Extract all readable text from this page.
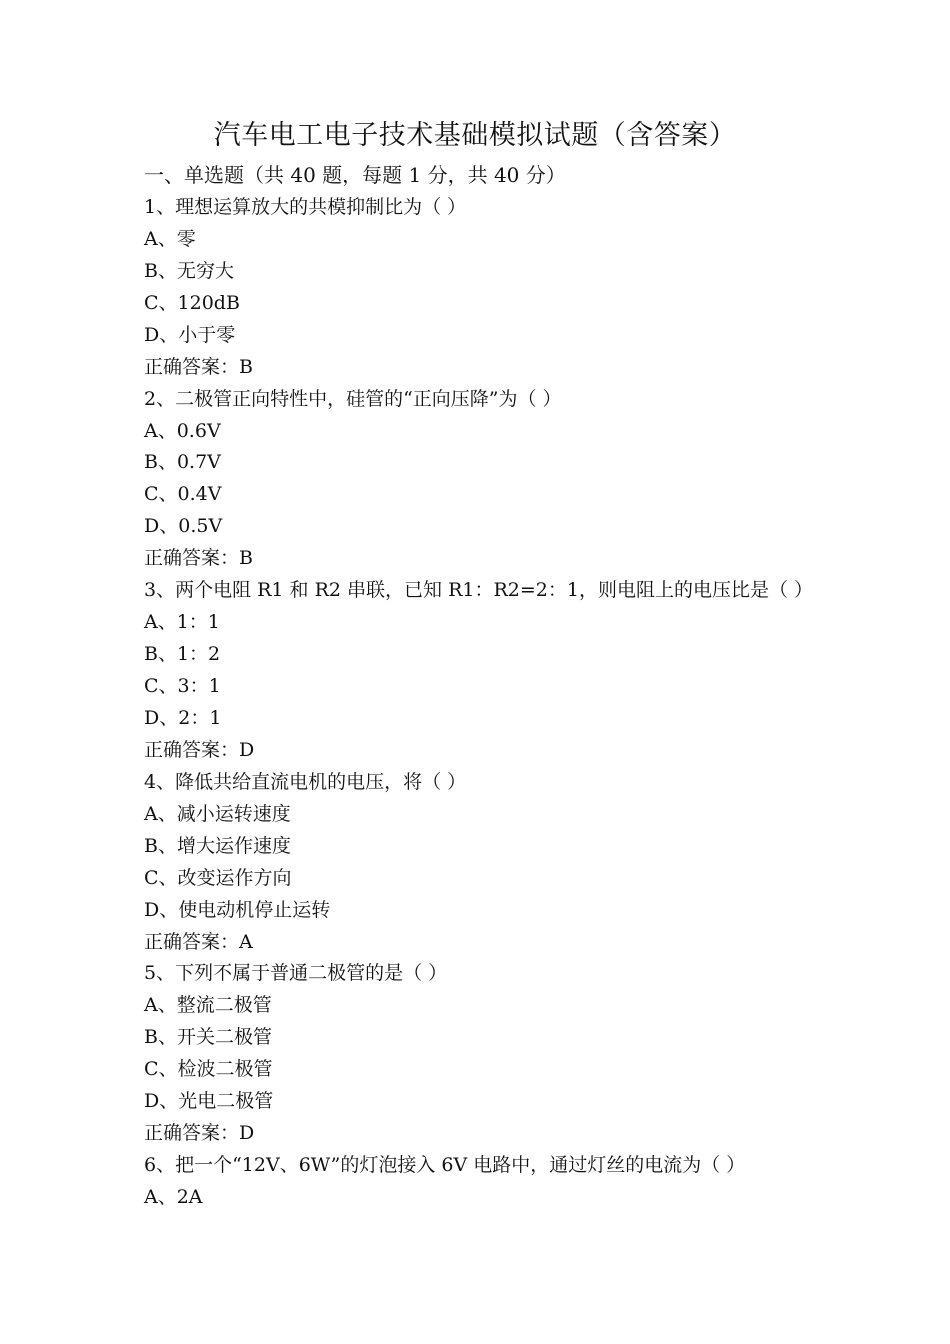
汽车电工电子技术基础模拟试题（含答案）
一、单选题（共 40 题，每题 1 分，共 40 分）
1、理想运算放大的共模抑制比为（ ）
A、零
B、无穷大
C、120dB
D、小于零
正确答案：B
2、二极管正向特性中，硅管的“正向压降”为（ ）
A、0.6V
B、0.7V
C、0.4V
D、0.5V
正确答案：B
3、两个电阻 R1 和 R2 串联，已知 R1：R2=2：1，则电阻上的电压比是（ ）
A、1：1
B、1：2
C、3：1
D、2：1
正确答案：D
4、降低共给直流电机的电压，将（ ）
A、减小运转速度
B、增大运作速度
C、改变运作方向
D、使电动机停止运转
正确答案：A
5、下列不属于普通二极管的是（ ）
A、整流二极管
B、开关二极管
C、检波二极管
D、光电二极管
正确答案：D
6、把一个“12V、6W”的灯泡接入 6V 电路中，通过灯丝的电流为（ ）
A、2A
